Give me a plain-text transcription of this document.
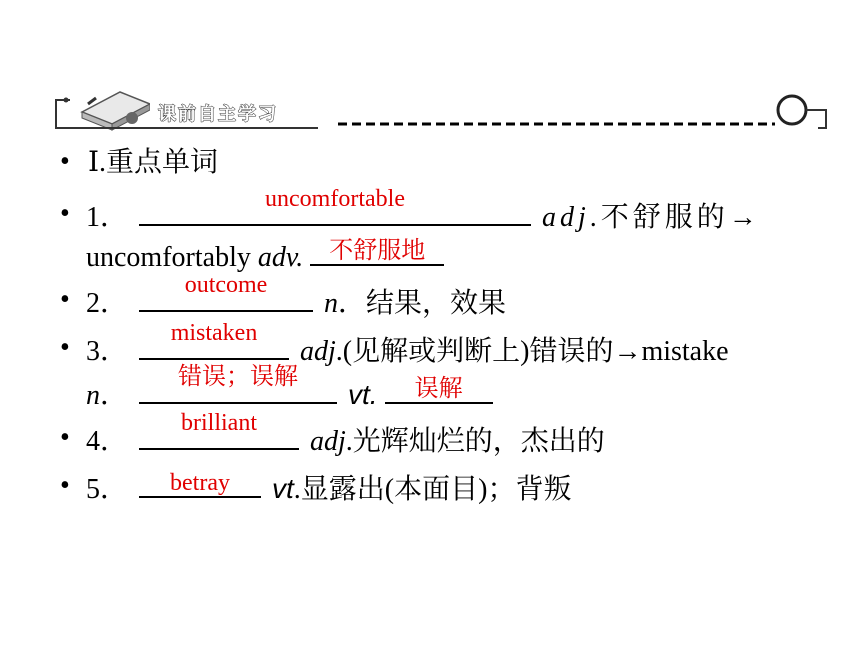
课前自主学习
• Ⅰ.重点单词
• 1．
uncomfortable
adj.不舒服的→
uncomfortably adv.	不舒服地
• 2．
outcome
n．结果，效果
• 3．
mistaken
adj.(见解或判断上)错误的→mistake
n．
错误；误解
vt.	误解
• 4．
brilliant
adj.光辉灿烂的，杰出的
• 5．	betray	vt.显露出(本面目)；背叛
